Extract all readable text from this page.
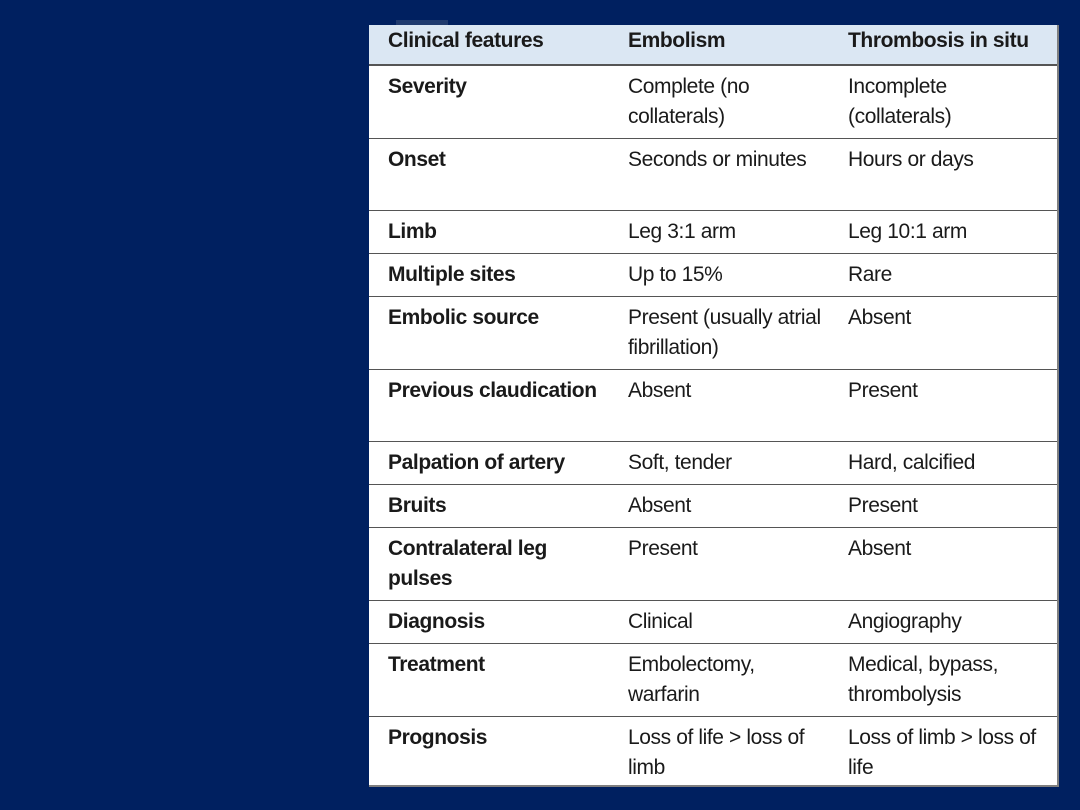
Clinical features	Embolism	Thrombosis in situ
Severity	Complete (no collaterals)	Incomplete (collaterals)
Onset	Seconds or minutes	Hours or days
Limb	Leg 3:1 arm	Leg 10:1 arm
Multiple sites	Up to 15%	Rare
Embolic source	Present (usually atrial fibrillation)	Absent
Previous claudication	Absent	Present
Palpation of artery	Soft, tender	Hard, calcified
Bruits	Absent	Present
Contralateral leg pulses	Present	Absent
Diagnosis	Clinical	Angiography
Treatment	Embolectomy, warfarin	Medical, bypass, thrombolysis
Prognosis	Loss of life > loss of limb	Loss of limb > loss of life
